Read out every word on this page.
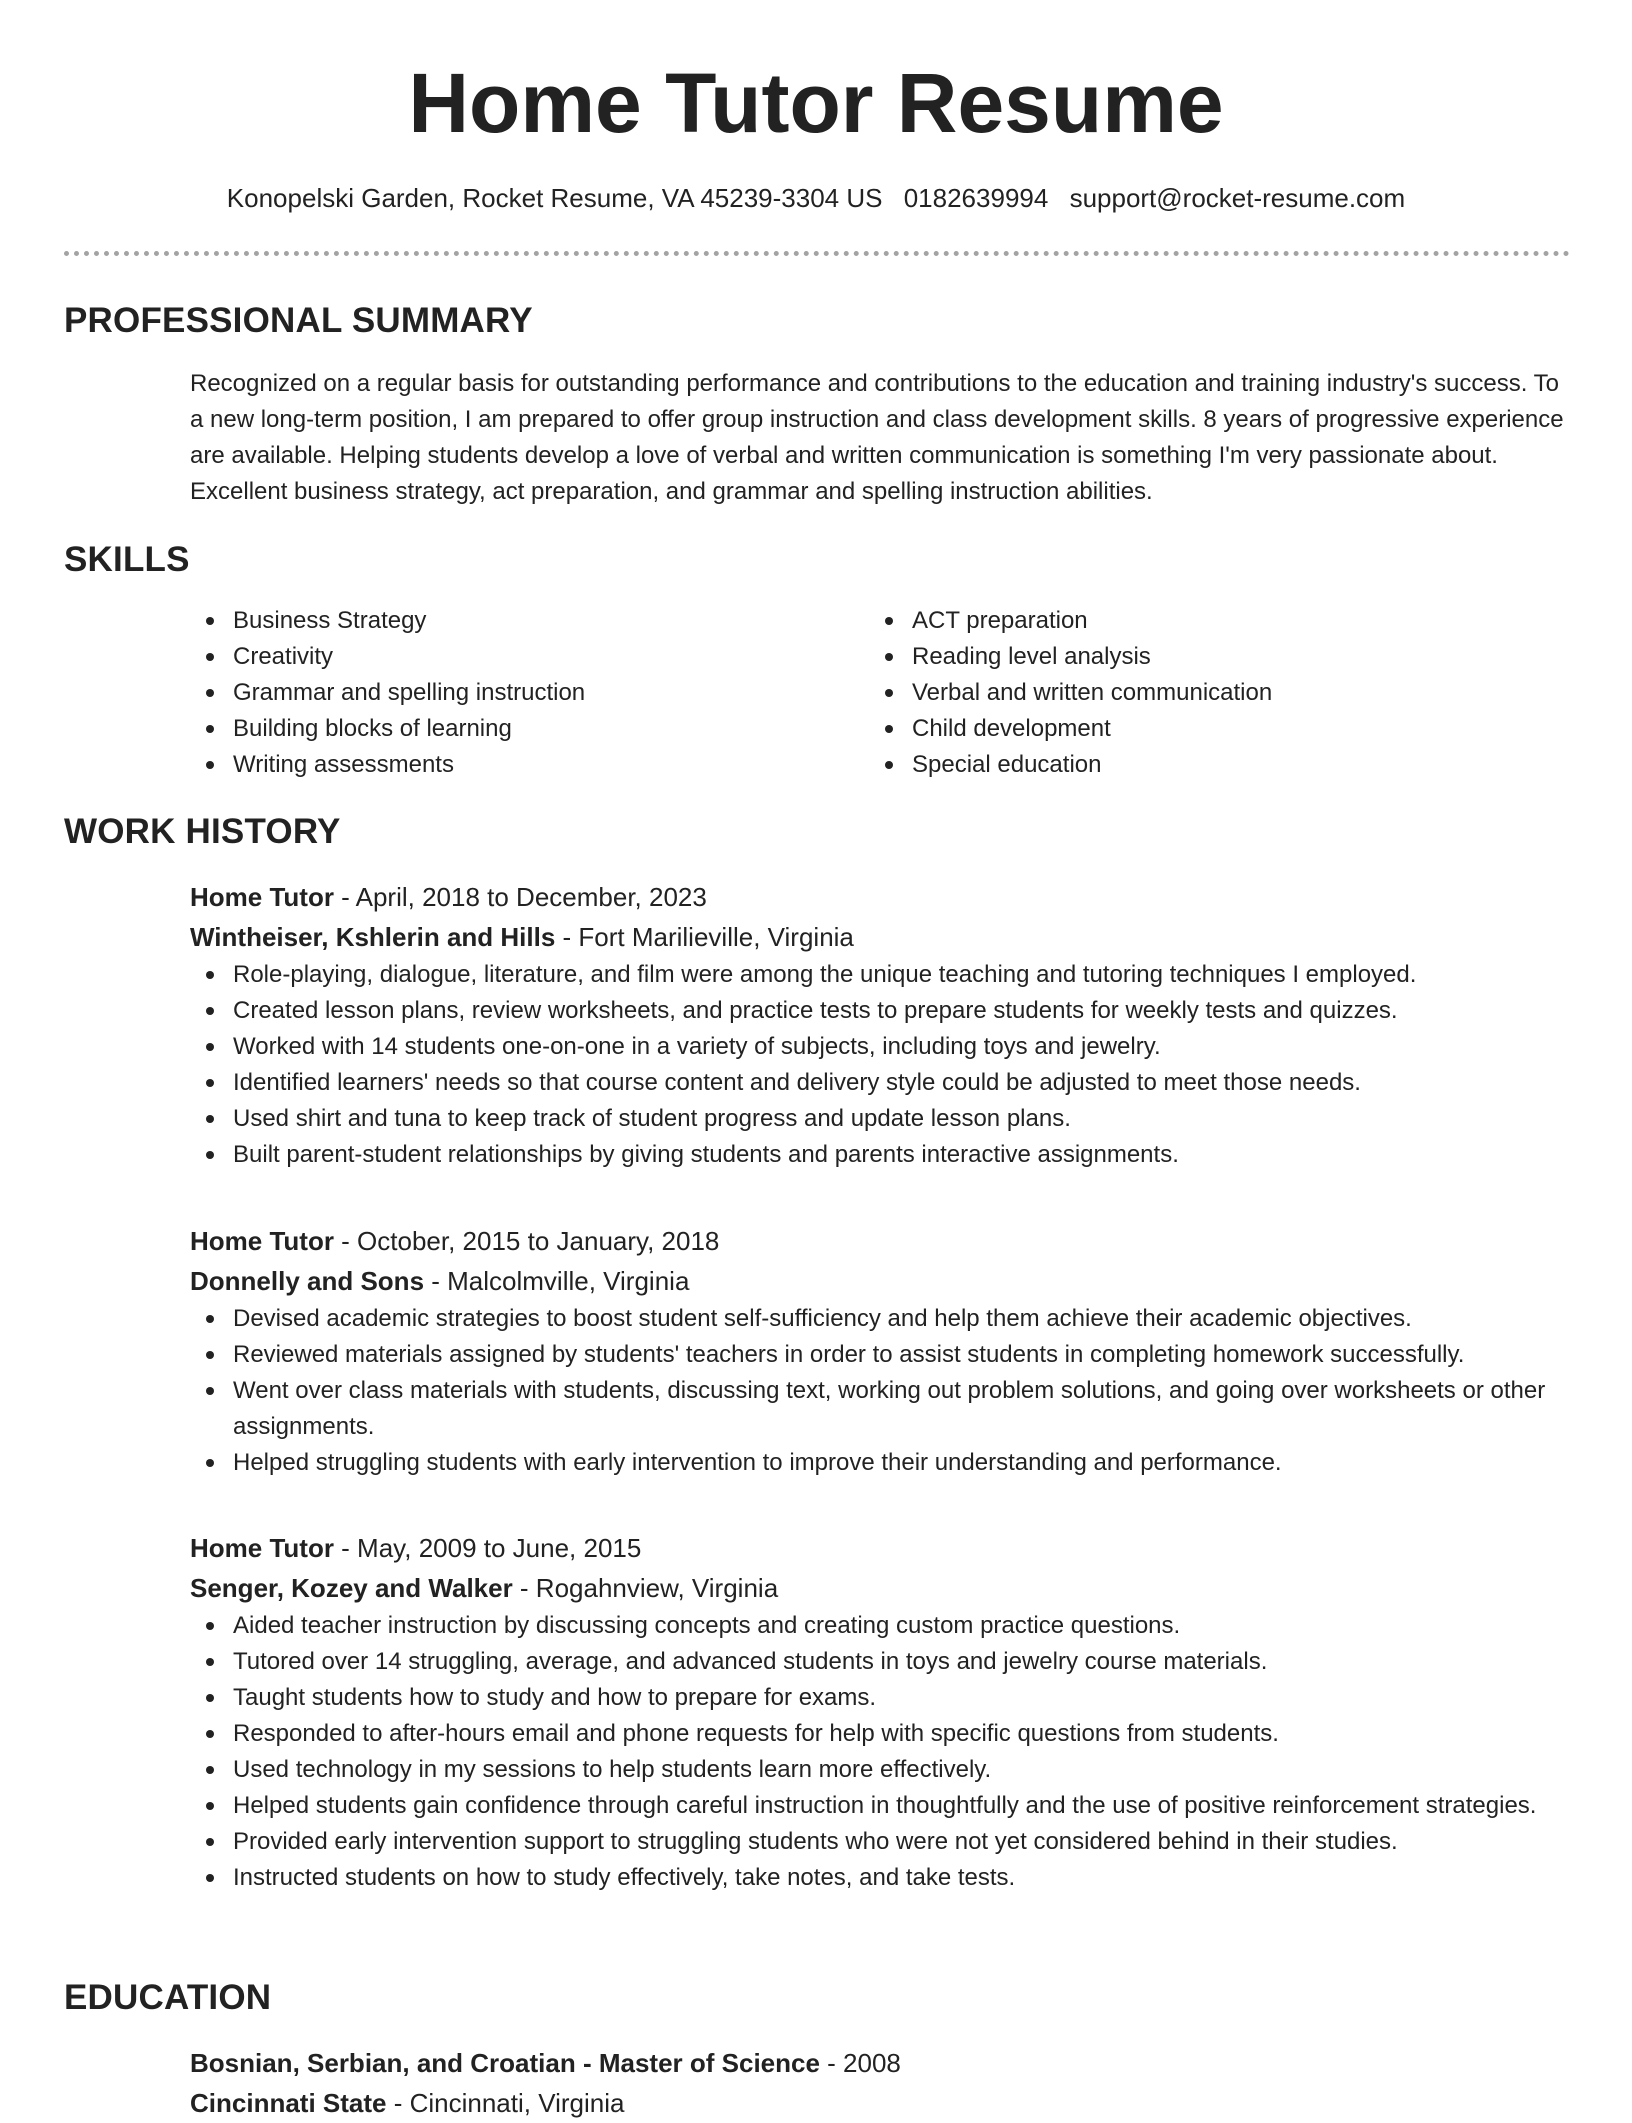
Home Tutor Resume
Konopelski Garden, Rocket Resume, VA 45239-3304 US 0182639994 support@rocket-resume.com
PROFESSIONAL SUMMARY

Recognized on a regular basis for outstanding performance and contributions to the education and training industry's success. To a new long-term position, I am prepared to offer group instruction and class development skills. 8 years of progressive experience are available. Helping students develop a love of verbal and written communication is something I'm very passionate about. Excellent business strategy, act preparation, and grammar and spelling instruction abilities.

SKILLS
Business Strategy
Creativity
Grammar and spelling instruction
Building blocks of learning
Writing assessments
ACT preparation
Reading level analysis
Verbal and written communication
Child development
Special education
WORK HISTORY

Home Tutor - April, 2018 to December, 2023

Wintheiser, Kshlerin and Hills - Fort Marilieville, Virginia

Role-playing, dialogue, literature, and film were among the unique teaching and tutoring techniques I employed.
Created lesson plans, review worksheets, and practice tests to prepare students for weekly tests and quizzes.
Worked with 14 students one-on-one in a variety of subjects, including toys and jewelry.
Identified learners' needs so that course content and delivery style could be adjusted to meet those needs.
Used shirt and tuna to keep track of student progress and update lesson plans.
Built parent-student relationships by giving students and parents interactive assignments.

Home Tutor - October, 2015 to January, 2018

Donnelly and Sons - Malcolmville, Virginia

Devised academic strategies to boost student self-sufficiency and help them achieve their academic objectives.
Reviewed materials assigned by students' teachers in order to assist students in completing homework successfully.
Went over class materials with students, discussing text, working out problem solutions, and going over worksheets or other assignments.
Helped struggling students with early intervention to improve their understanding and performance.

Home Tutor - May, 2009 to June, 2015

Senger, Kozey and Walker - Rogahnview, Virginia

Aided teacher instruction by discussing concepts and creating custom practice questions.
Tutored over 14 struggling, average, and advanced students in toys and jewelry course materials.
Taught students how to study and how to prepare for exams.
Responded to after-hours email and phone requests for help with specific questions from students.
Used technology in my sessions to help students learn more effectively.
Helped students gain confidence through careful instruction in thoughtfully and the use of positive reinforcement strategies.
Provided early intervention support to struggling students who were not yet considered behind in their studies.
Instructed students on how to study effectively, take notes, and take tests.
EDUCATION

Bosnian, Serbian, and Croatian - Master of Science - 2008

Cincinnati State - Cincinnati, Virginia
